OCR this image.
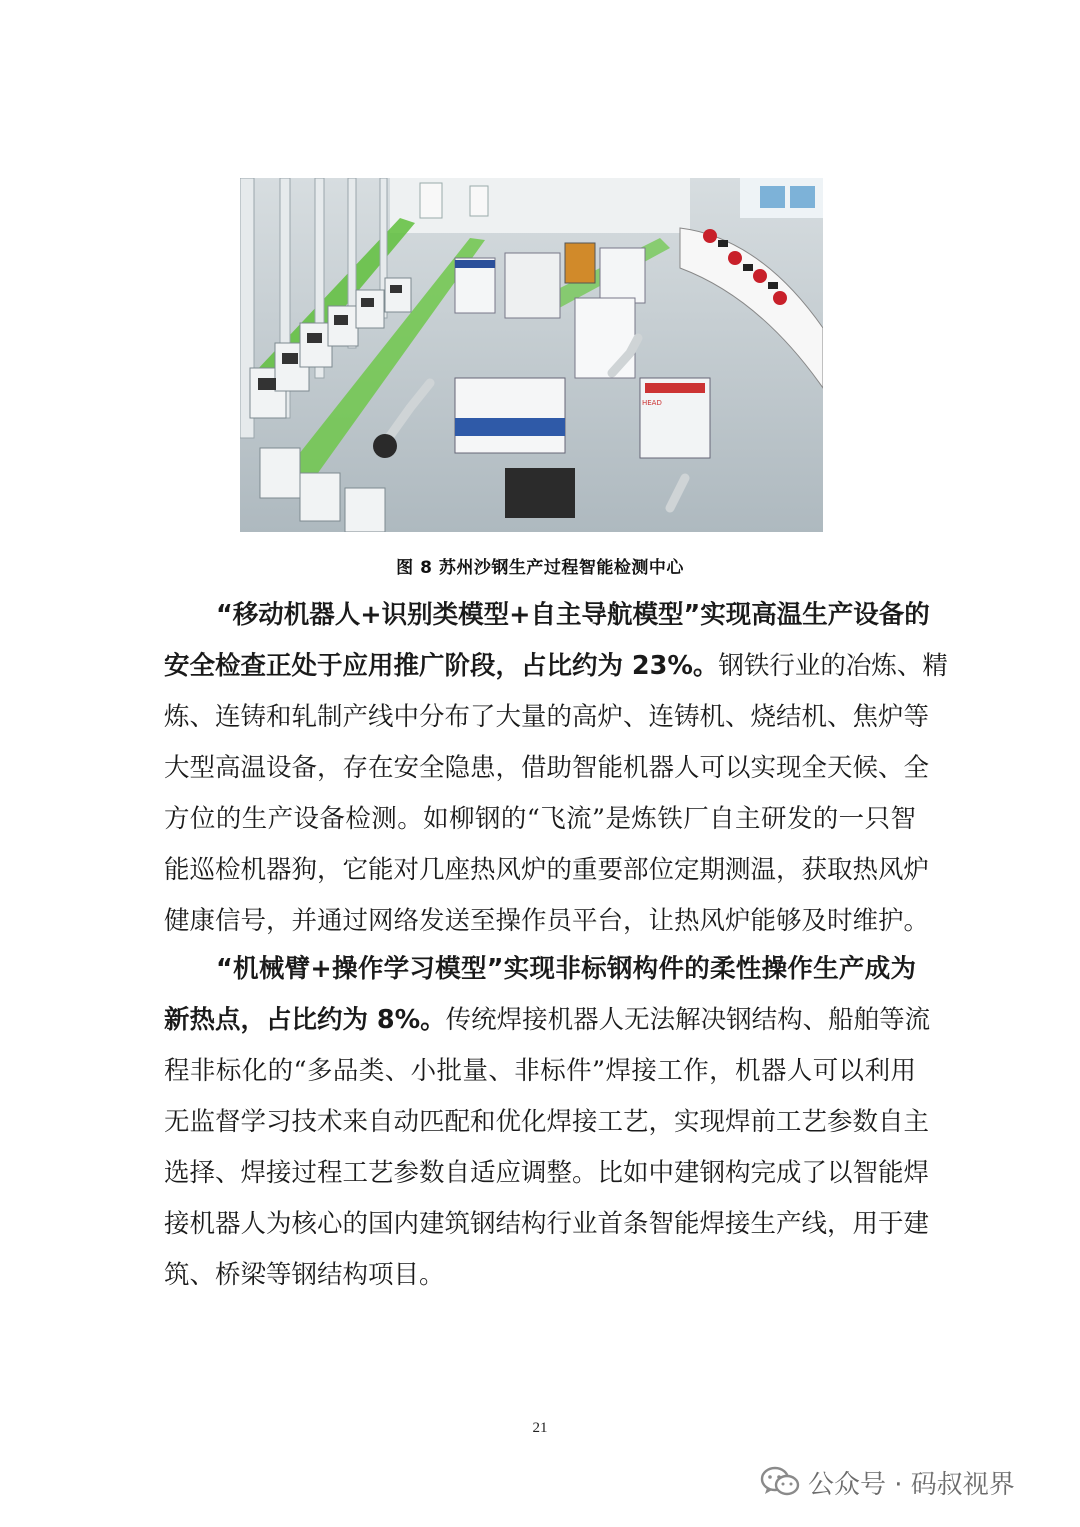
HEAD
图 8 苏州沙钢生产过程智能检测中心

“移动机器人+识别类模型+自主导航模型”实现高温生产设备的
安全检查正处于应用推广阶段，占比约为 23%。钢铁行业的冶炼、精
炼、连铸和轧制产线中分布了大量的高炉、连铸机、烧结机、焦炉等
大型高温设备，存在安全隐患，借助智能机器人可以实现全天候、全
方位的生产设备检测。如柳钢的“飞流”是炼铁厂自主研发的一只智
能巡检机器狗，它能对几座热风炉的重要部位定期测温，获取热风炉
健康信号，并通过网络发送至操作员平台，让热风炉能够及时维护。

“机械臂+操作学习模型”实现非标钢构件的柔性操作生产成为
新热点，占比约为 8%。传统焊接机器人无法解决钢结构、船舶等流
程非标化的“多品类、小批量、非标件”焊接工作，机器人可以利用
无监督学习技术来自动匹配和优化焊接工艺，实现焊前工艺参数自主
选择、焊接过程工艺参数自适应调整。比如中建钢构完成了以智能焊
接机器人为核心的国内建筑钢结构行业首条智能焊接生产线，用于建
筑、桥梁等钢结构项目。

21
公众号 · 码叔视界
